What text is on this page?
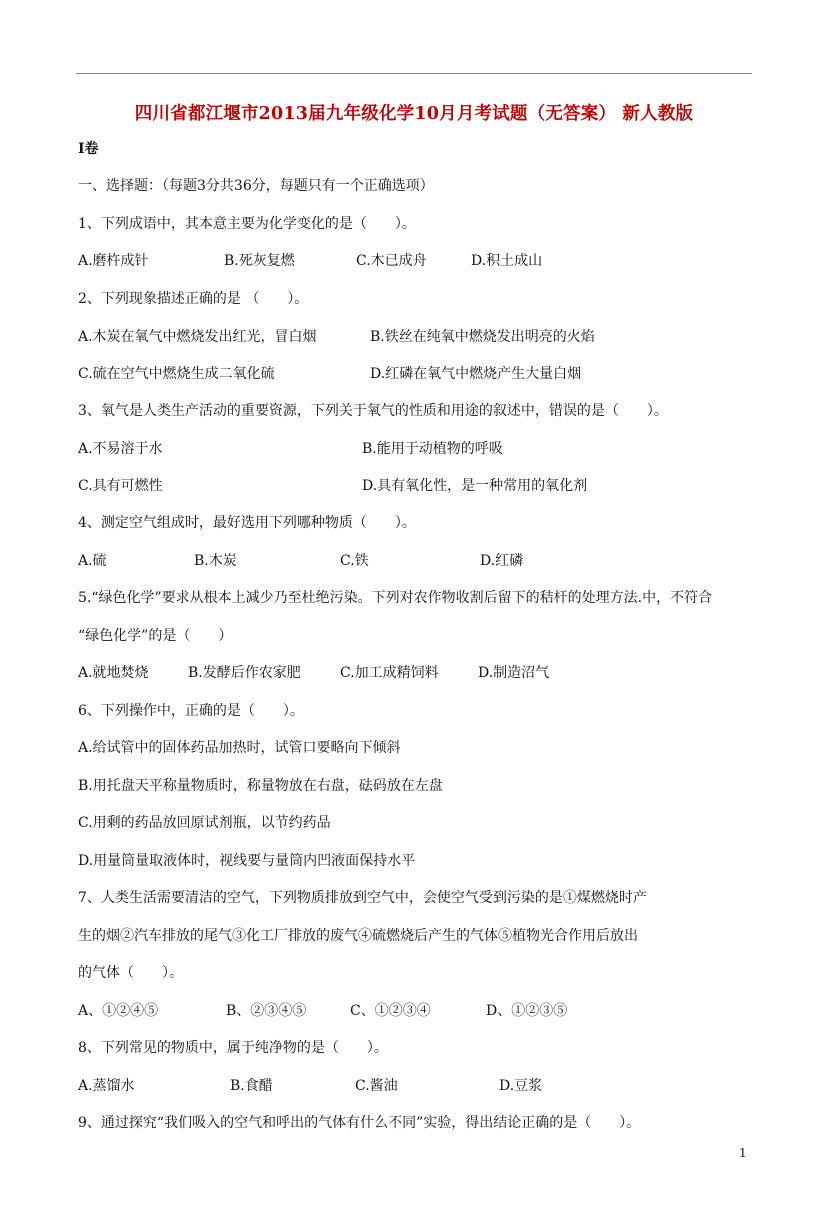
四川省都江堰市2013届九年级化学10月月考试题（无答案） 新人教版
I卷
一、选择题：（每题3分共36分，每题只有一个正确选项）
1、下列成语中，其本意主要为化学变化的是（　　）。
A.磨杵成针	B.死灰复燃	C.木已成舟	D.积土成山
2、下列现象描述正确的是 （　　）。
A.木炭在氧气中燃烧发出红光，冒白烟	B.铁丝在纯氧中燃烧发出明亮的火焰
C.硫在空气中燃烧生成二氧化硫	D.红磷在氧气中燃烧产生大量白烟
3、氧气是人类生产活动的重要资源，下列关于氧气的性质和用途的叙述中，错误的是（　　）。
A.不易溶于水	B.能用于动植物的呼吸
C.具有可燃性	D.具有氧化性，是一种常用的氧化剂
4、测定空气组成时，最好选用下列哪种物质（　　）。
A.硫	B.木炭	C.铁	D.红磷
5.“绿色化学”要求从根本上减少乃至杜绝污染。下列对农作物收割后留下的秸杆的处理方法.中，不符合
“绿色化学”的是（　　）
A.就地焚烧	B.发酵后作农家肥	C.加工成精饲料	D.制造沼气
6、下列操作中，正确的是（　　）。
A.给试管中的固体药品加热时，试管口要略向下倾斜
B.用托盘天平称量物质时，称量物放在右盘，砝码放在左盘
C.用剩的药品放回原试剂瓶，以节约药品
D.用量筒量取液体时，视线要与量筒内凹液面保持水平
7、人类生活需要清洁的空气，下列物质排放到空气中，会使空气受到污染的是①煤燃烧时产
生的烟②汽车排放的尾气③化工厂排放的废气④硫燃烧后产生的气体⑤植物光合作用后放出
的气体（　　）。
A、①②④⑤	B、②③④⑤	C、①②③④	D、①②③⑤
8、下列常见的物质中，属于纯净物的是（　　）。
A.蒸馏水	B.食醋	C.酱油	D.豆浆
9、通过探究“我们吸入的空气和呼出的气体有什么不同”实验，得出结论正确的是（　　）。
1
